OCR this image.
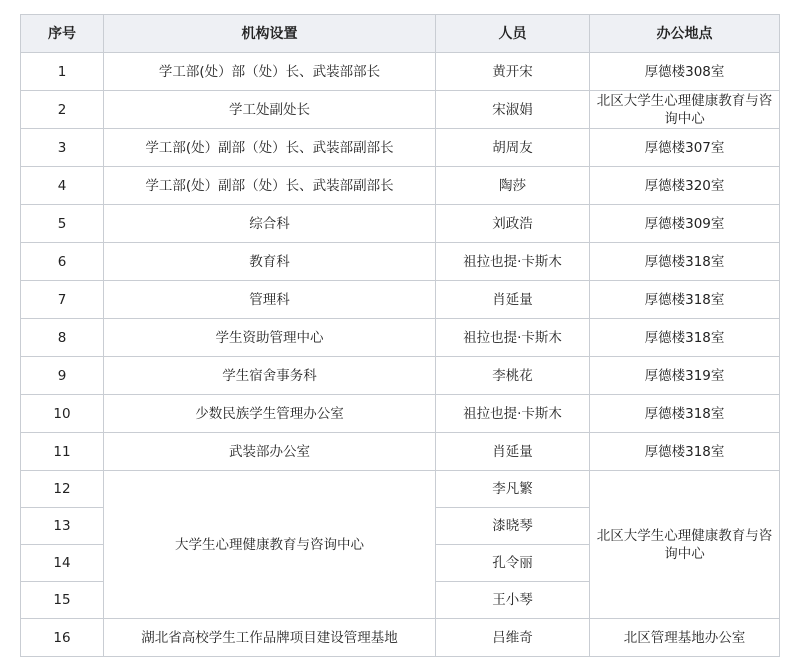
序号	机构设置	人员	办公地点
1	学工部(处）部（处）长、武装部部长	黄开宋	厚德楼308室
2	学工处副处长	宋淑娟	北区大学生心理健康教育与咨询中心
3	学工部(处）副部（处）长、武装部副部长	胡周友	厚德楼307室
4	学工部(处）副部（处）长、武装部副部长	陶莎	厚德楼320室
5	综合科	刘政浩	厚德楼309室
6	教育科	祖拉也提·卡斯木	厚德楼318室
7	管理科	肖延量	厚德楼318室
8	学生资助管理中心	祖拉也提·卡斯木	厚德楼318室
9	学生宿舍事务科	李桃花	厚德楼319室
10	少数民族学生管理办公室	祖拉也提·卡斯木	厚德楼318室
11	武装部办公室	肖延量	厚德楼318室
12	大学生心理健康教育与咨询中心	李凡繁	北区大学生心理健康教育与咨询中心
13		漆晓琴	
14		孔令丽	
15		王小琴	
16	湖北省高校学生工作品牌项目建设管理基地	吕维奇	北区管理基地办公室
